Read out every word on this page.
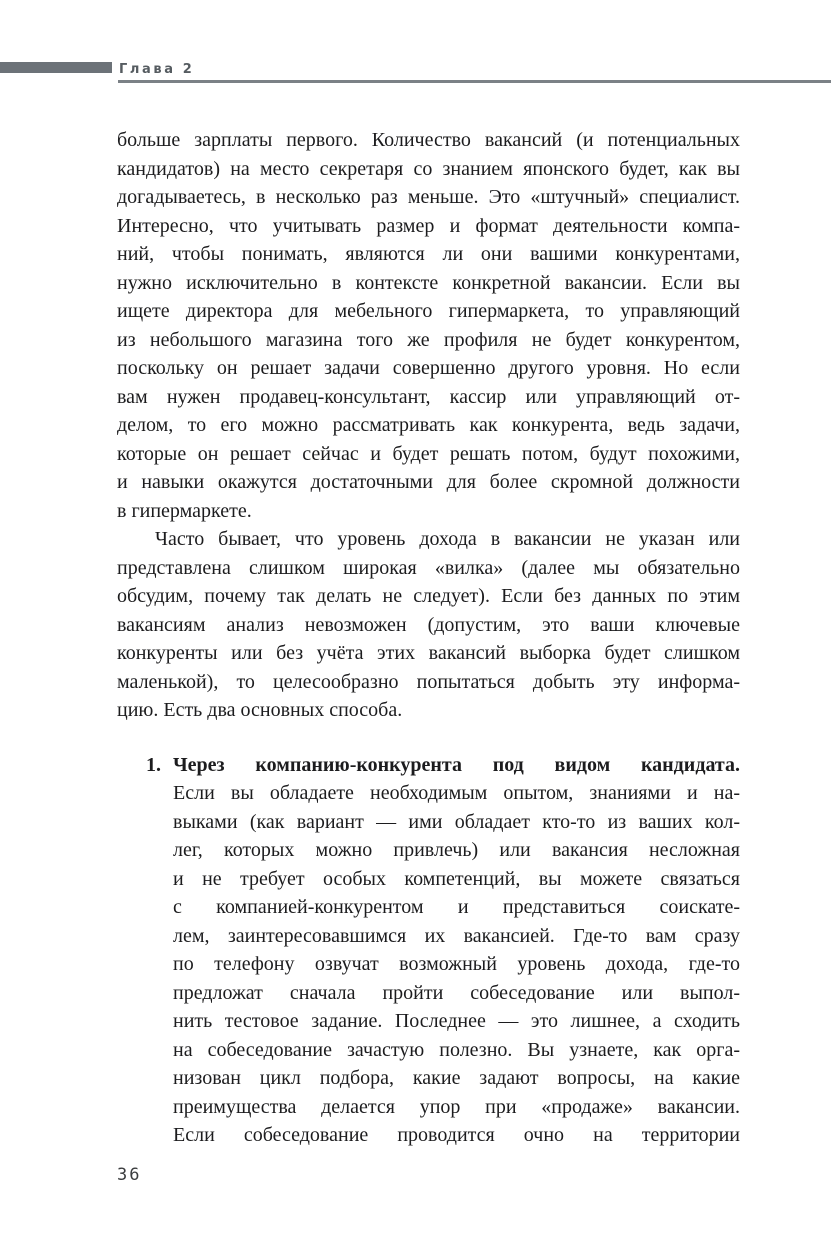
Глава 2
больше зарплаты первого. Количество вакансий (и потенциальных
кандидатов) на место секретаря со знанием японского будет, как вы
догадываетесь, в несколько раз меньше. Это «штучный» специалист.
Интересно, что учитывать размер и формат деятельности компа-
ний, чтобы понимать, являются ли они вашими конкурентами,
нужно исключительно в контексте конкретной вакансии. Если вы
ищете директора для мебельного гипермаркета, то управляющий
из небольшого магазина того же профиля не будет конкурентом,
поскольку он решает задачи совершенно другого уровня. Но если
вам нужен продавец-консультант, кассир или управляющий от-
делом, то его можно рассматривать как конкурента, ведь задачи,
которые он решает сейчас и будет решать потом, будут похожими,
и навыки окажутся достаточными для более скромной должности
в гипермаркете.
Часто бывает, что уровень дохода в вакансии не указан или
представлена слишком широкая «вилка» (далее мы обязательно
обсудим, почему так делать не следует). Если без данных по этим
вакансиям анализ невозможен (допустим, это ваши ключевые
конкуренты или без учёта этих вакансий выборка будет слишком
маленькой), то целесообразно попытаться добыть эту информа-
цию. Есть два основных способа.
1. Через компанию-конкурента под видом кандидата.
Если вы обладаете необходимым опытом, знаниями и на-
выками (как вариант — ими обладает кто-то из ваших кол-
лег, которых можно привлечь) или вакансия несложная
и не требует особых компетенций, вы можете связаться
с компанией-конкурентом и представиться соискате-
лем, заинтересовавшимся их вакансией. Где-то вам сразу
по телефону озвучат возможный уровень дохода, где-то
предложат сначала пройти собеседование или выпол-
нить тестовое задание. Последнее — это лишнее, а сходить
на собеседование зачастую полезно. Вы узнаете, как орга-
низован цикл подбора, какие задают вопросы, на какие
преимущества делается упор при «продаже» вакансии.
Если собеседование проводится очно на территории
36
